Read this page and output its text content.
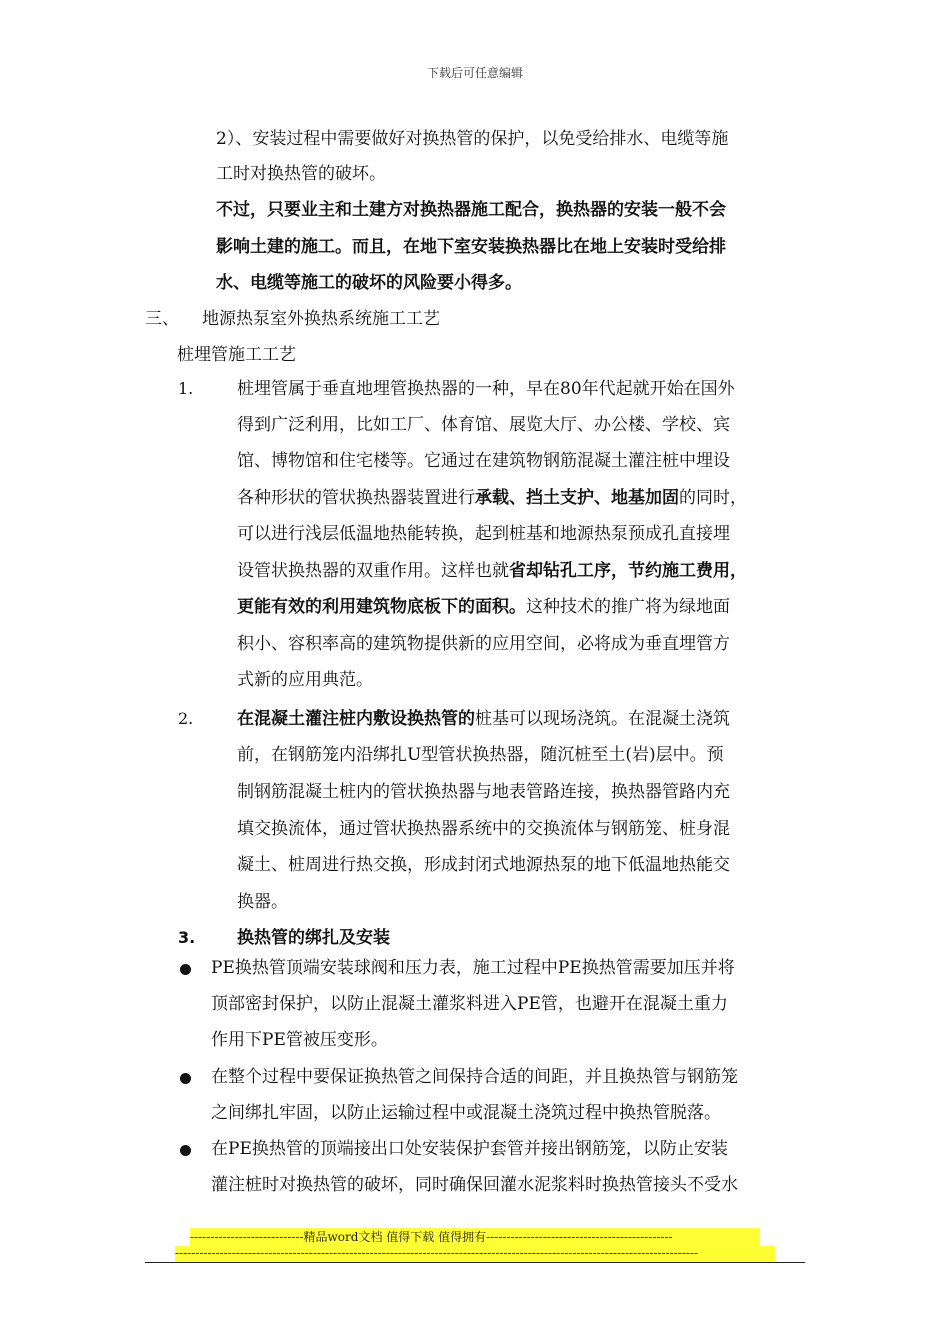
下载后可任意编辑
2）、安装过程中需要做好对换热管的保护，以免受给排水、电缆等施
工时对换热管的破坏。
不过，只要业主和土建方对换热器施工配合，换热器的安装一般不会
影响土建的施工。而且，在地下室安装换热器比在地上安装时受给排
水、电缆等施工的破坏的风险要小得多。
三、 地源热泵室外换热系统施工工艺
桩埋管施工工艺
1.	桩埋管属于垂直地埋管换热器的一种，早在80年代起就开始在国外
得到广泛利用，比如工厂、体育馆、展览大厅、办公楼、学校、宾
馆、博物馆和住宅楼等。它通过在建筑物钢筋混凝土灌注桩中埋设
各种形状的管状换热器装置进行承载、挡土支护、地基加固的同时，
可以进行浅层低温地热能转换，起到桩基和地源热泵预成孔直接埋
设管状换热器的双重作用。这样也就省却钻孔工序，节约施工费用，
更能有效的利用建筑物底板下的面积。这种技术的推广将为绿地面
积小、容积率高的建筑物提供新的应用空间，必将成为垂直埋管方
式新的应用典范。
2.	在混凝土灌注桩内敷设换热管的桩基可以现场浇筑。在混凝土浇筑
前，在钢筋笼内沿绑扎U型管状换热器，随沉桩至土(岩)层中。预
制钢筋混凝土桩内的管状换热器与地表管路连接，换热器管路内充
填交换流体，通过管状换热器系统中的交换流体与钢筋笼、桩身混
凝土、桩周进行热交换，形成封闭式地源热泵的地下低温地热能交
换器。
3. 换热管的绑扎及安装
PE换热管顶端安装球阀和压力表，施工过程中PE换热管需要加压并将
顶部密封保护，以防止混凝土灌浆料进入PE管，也避开在混凝土重力
作用下PE管被压变形。
在整个过程中要保证换热管之间保持合适的间距，并且换热管与钢筋笼
之间绑扎牢固，以防止运输过程中或混凝土浇筑过程中换热管脱落。
在PE换热管的顶端接出口处安装保护套管并接出钢筋笼，以防止安装
灌注桩时对换热管的破坏，同时确保回灌水泥浆料时换热管接头不受水
----------------------------精品word文档 值得下载 值得拥有----------------------------------------------
---------------------------------------------------------------------------------------------------------------------------------
